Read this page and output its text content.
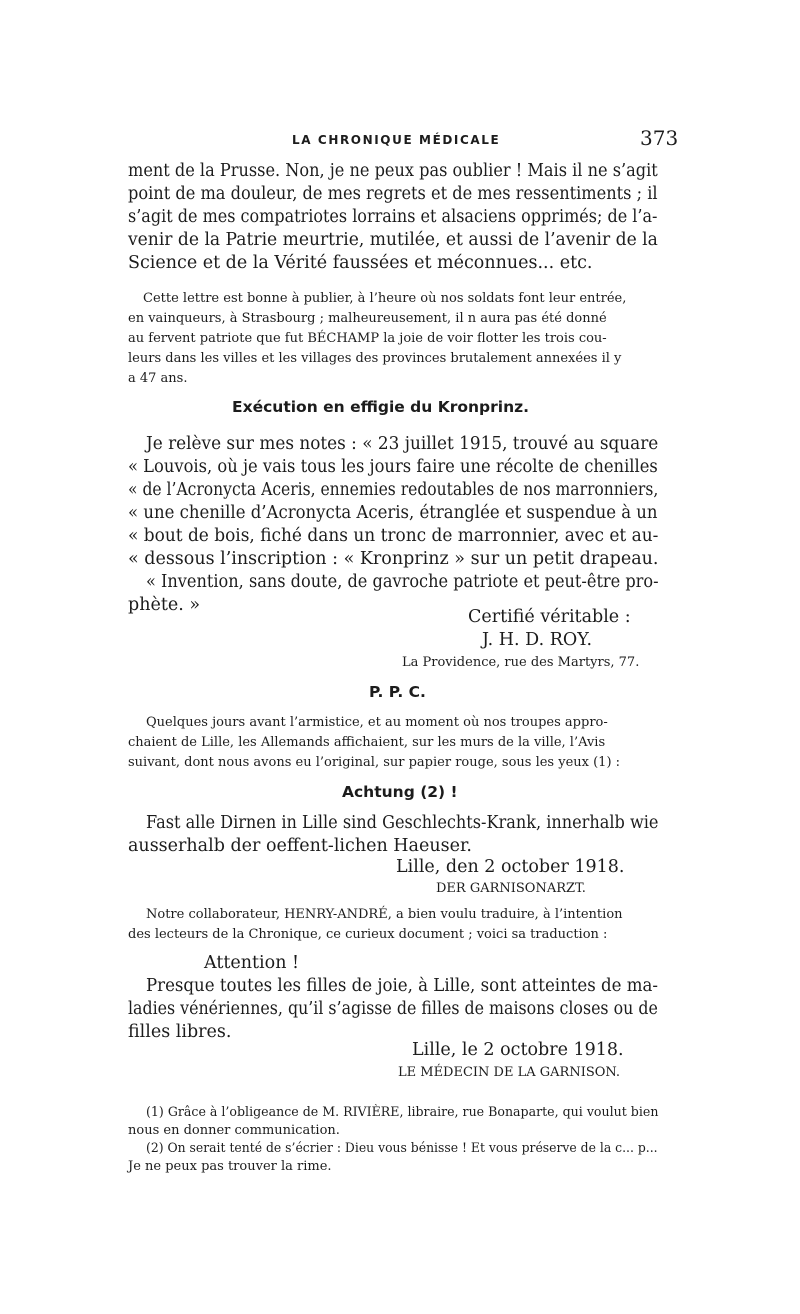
LA CHRONIQUE MÉDICALE	373
ment de la Prusse. Non, je ne peux pas oublier ! Mais il ne s’agit
point de ma douleur, de mes regrets et de mes ressentiments ; il
s’agit de mes compatriotes lorrains et alsaciens opprimés; de l’a-
venir de la Patrie meurtrie, mutilée, et aussi de l’avenir de la
Science et de la Vérité faussées et méconnues... etc.
Cette lettre est bonne à publier, à l’heure où nos soldats font leur entrée,
en vainqueurs, à Strasbourg ; malheureusement, il n aura pas été donné
au fervent patriote que fut BÉCHAMP la joie de voir flotter les trois cou-
leurs dans les villes et les villages des provinces brutalement annexées il y
a 47 ans.
Exécution en effigie du Kronprinz.
Je relève sur mes notes : « 23 juillet 1915, trouvé au square
« Louvois, où je vais tous les jours faire une récolte de chenilles
« de l’Acronycta Aceris, ennemies redoutables de nos marronniers,
« une chenille d’Acronycta Aceris, étranglée et suspendue à un
« bout de bois, fiché dans un tronc de marronnier, avec et au-
« dessous l’inscription : « Kronprinz » sur un petit drapeau.
« Invention, sans doute, de gavroche patriote et peut-être pro-
phète. »
Certifié véritable :
J. H. D. ROY.
La Providence, rue des Martyrs, 77.
P. P. C.
Quelques jours avant l’armistice, et au moment où nos troupes appro-
chaient de Lille, les Allemands affichaient, sur les murs de la ville, l’Avis
suivant, dont nous avons eu l’original, sur papier rouge, sous les yeux (1) :
Achtung (2) !
Fast alle Dirnen in Lille sind Geschlechts-Krank, innerhalb wie
ausserhalb der oeffent-lichen Haeuser.
Lille, den 2 october 1918.
DER GARNISONARZT.
Notre collaborateur, HENRY-ANDRÉ, a bien voulu traduire, à l’intention
des lecteurs de la Chronique, ce curieux document ; voici sa traduction :
Attention !
Presque toutes les filles de joie, à Lille, sont atteintes de ma-
ladies vénériennes, qu’il s’agisse de filles de maisons closes ou de
filles libres.
Lille, le 2 octobre 1918.
LE MÉDECIN DE LA GARNISON.
(1) Grâce à l’obligeance de M. RIVIÈRE, libraire, rue Bonaparte, qui voulut bien
nous en donner communication.
(2) On serait tenté de s’écrier : Dieu vous bénisse ! Et vous préserve de la c... p...
Je ne peux pas trouver la rime.
